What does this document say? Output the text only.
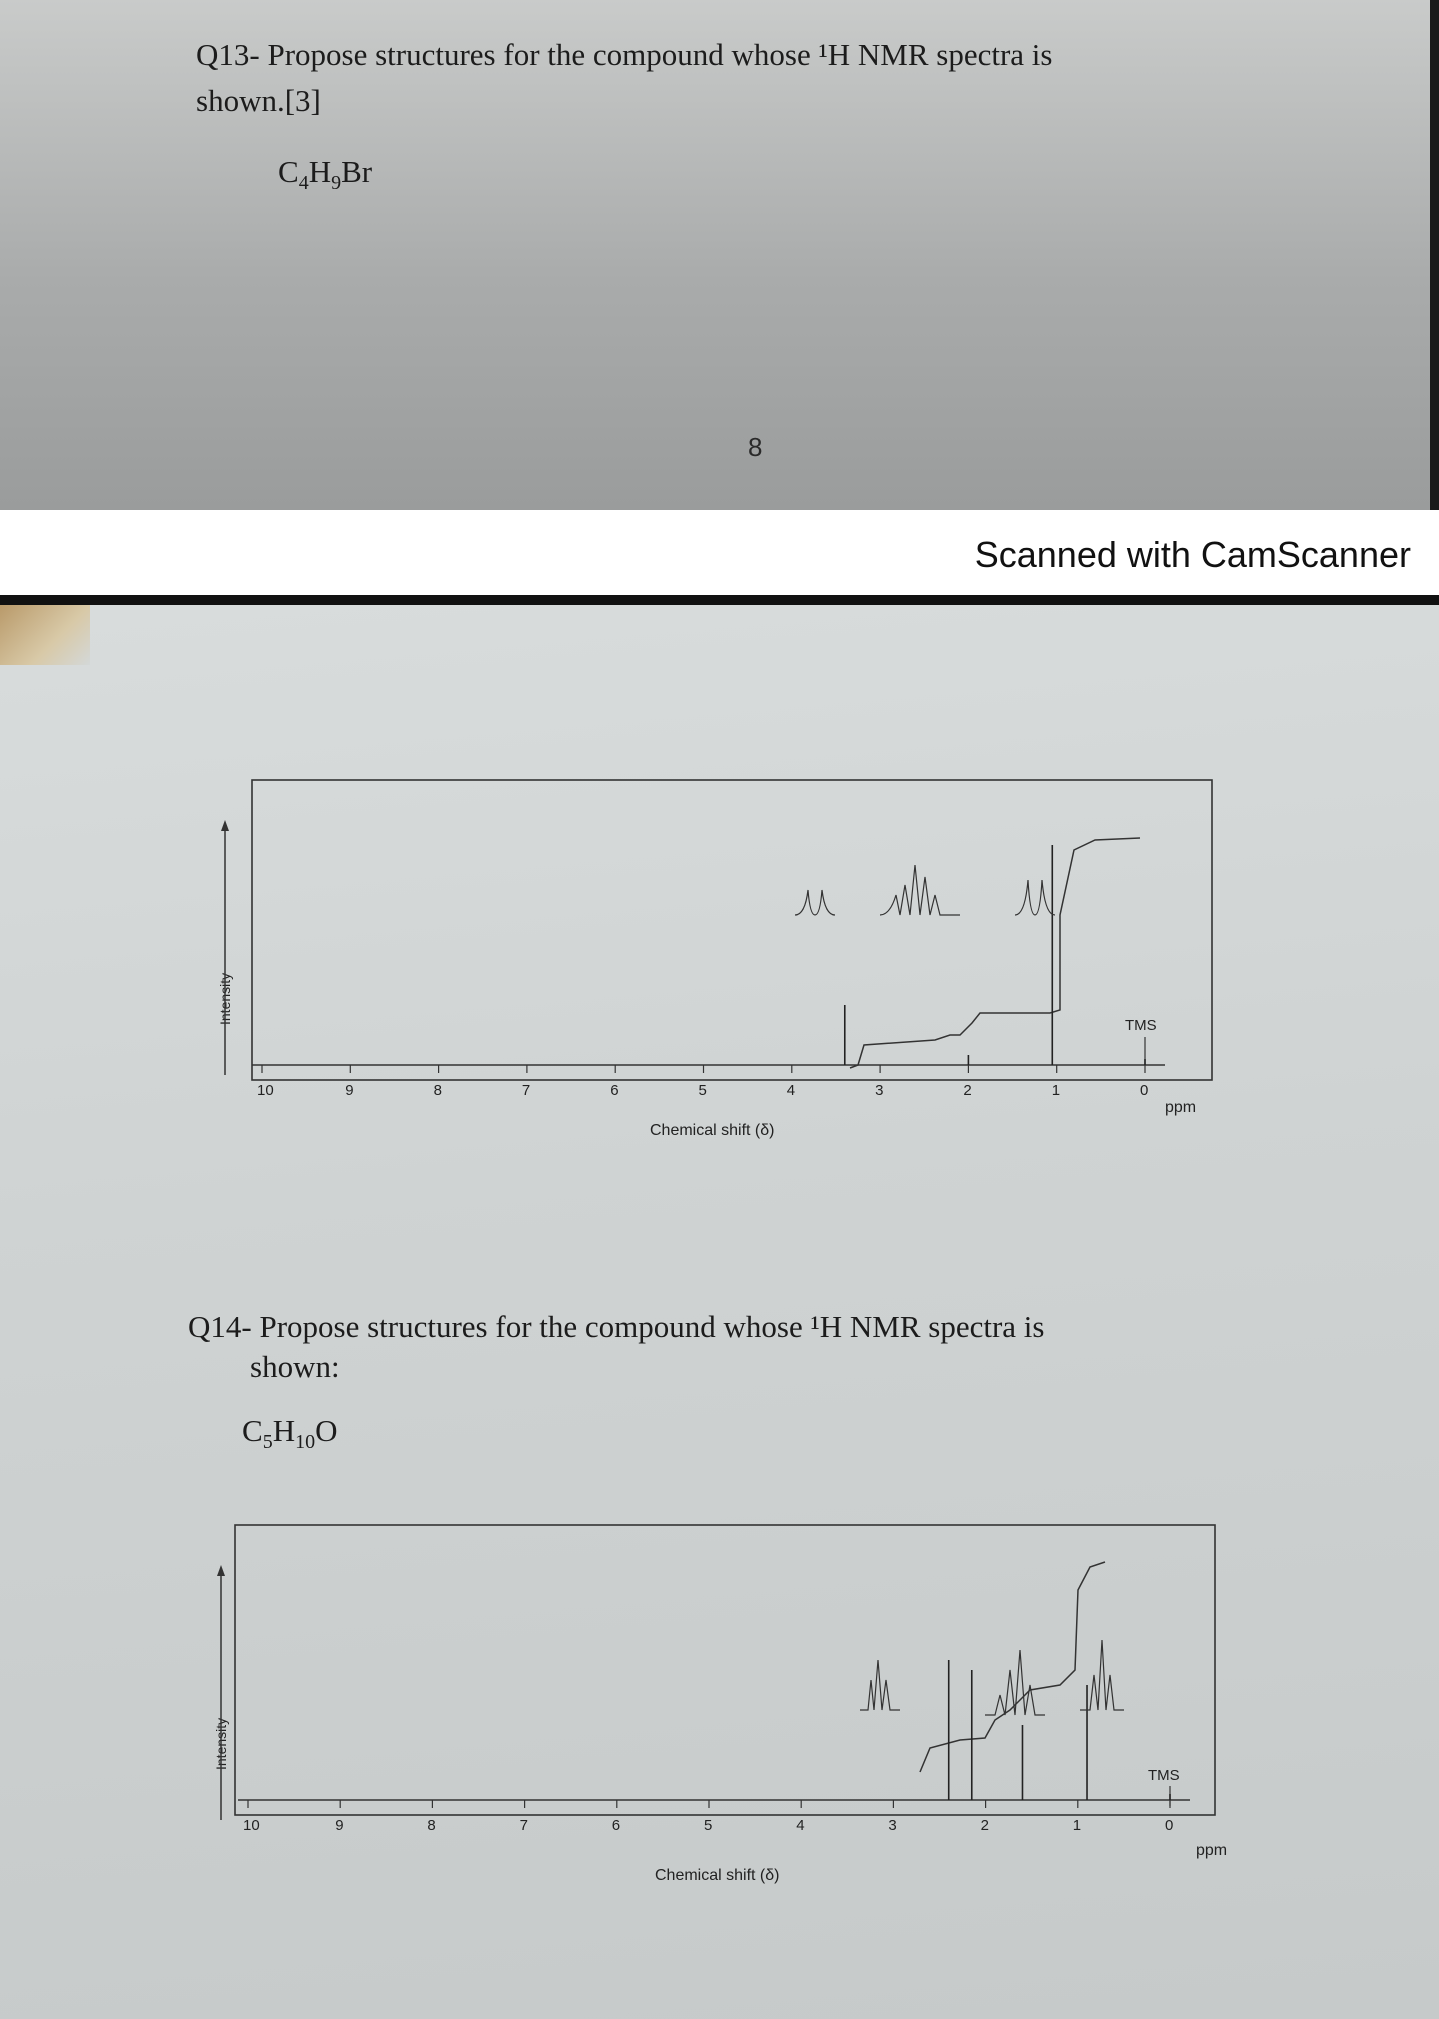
Q13- Propose structures for the compound whose ¹H NMR spectra is
shown.[3]
$C_4H_9Br$
8
Scanned with CamScanner
Intensity
10	9	8	7	6	5	4	3	2	1	0
Chemical shift (δ)
ppm
TMS
Q14- Propose structures for the compound whose ¹H NMR spectra is
shown:
$C_5H_{10}O$
Intensity
10	9	8	7	6	5	4	3	2	1	0
Chemical shift (δ)
ppm
TMS
